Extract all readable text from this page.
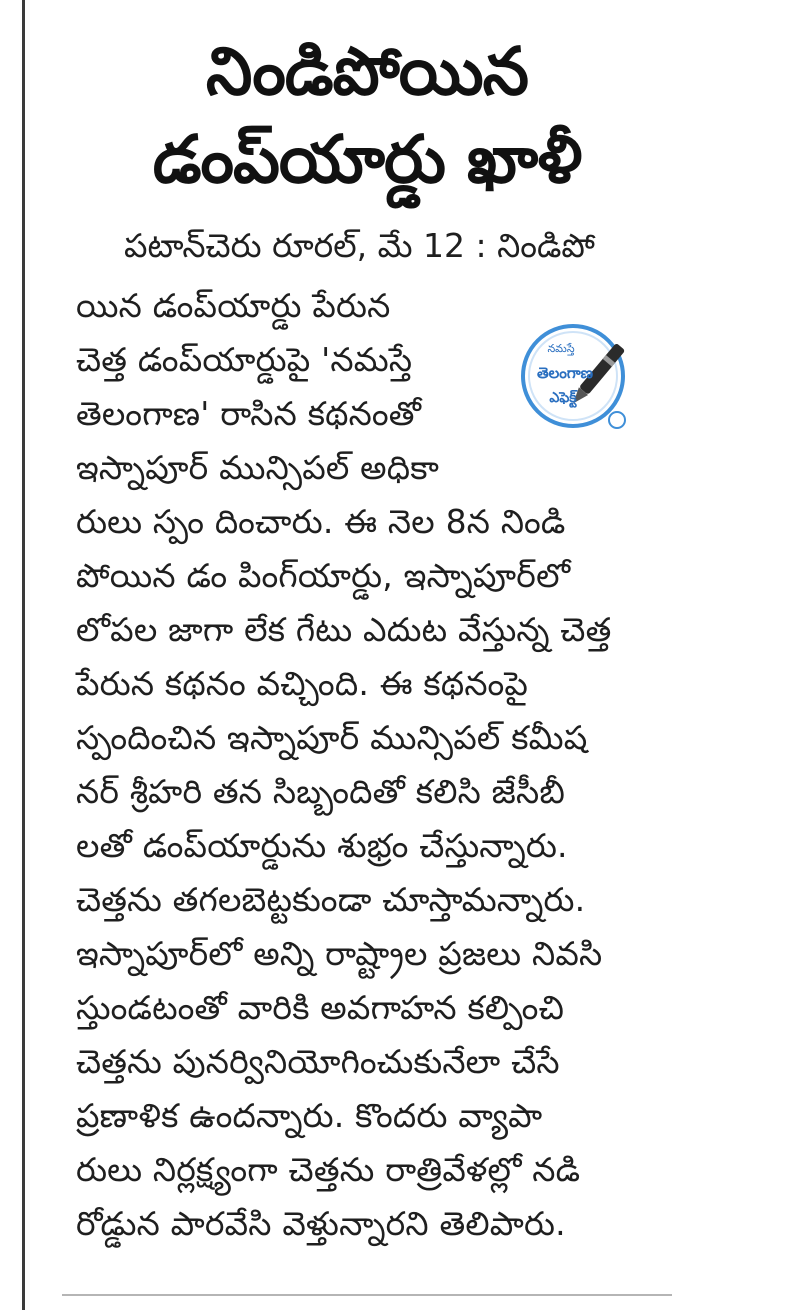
నిండిపోయిన
డంప్‌యార్డు ఖాళీ
పటాన్‌చెరు రూరల్‌, మే 12 : నిండిపో
యిన డంప్‌యార్డు పేరున
చెత్త డంప్‌యార్డుపై 'నమస్తే
తెలంగాణ' రాసిన కథనంతో
ఇస్నాపూర్‌ మున్సిపల్‌ అధికా
రులు స్పం దించారు. ఈ నెల 8న నిండి
పోయిన డం పింగ్‌యార్డు, ఇస్నాపూర్‌లో
లోపల జాగా లేక గేటు ఎదుట వేస్తున్న చెత్త
పేరున కథనం వచ్చింది. ఈ కథనంపై
స్పందించిన ఇస్నాపూర్‌ మున్సిపల్‌ కమీష
నర్‌ శ్రీహరి తన సిబ్బందితో కలిసి జేసీబీ
లతో డంప్‌యార్డును శుభ్రం చేస్తున్నారు.
చెత్తను తగలబెట్టకుండా చూస్తామన్నారు.
ఇస్నాపూర్‌లో అన్ని రాష్ట్రాల ప్రజలు నివసి
స్తుండటంతో వారికి అవగాహన కల్పించి
చెత్తను పునర్వినియోగించుకునేలా చేసే
ప్రణాళిక ఉందన్నారు. కొందరు వ్యాపా
రులు నిర్లక్ష్యంగా చెత్తను రాత్రివేళల్లో నడి
రోడ్డున పారవేసి వెళ్తున్నారని తెలిపారు.
నమస్తే
తెలంగాణ
ఎఫెక్ట్
